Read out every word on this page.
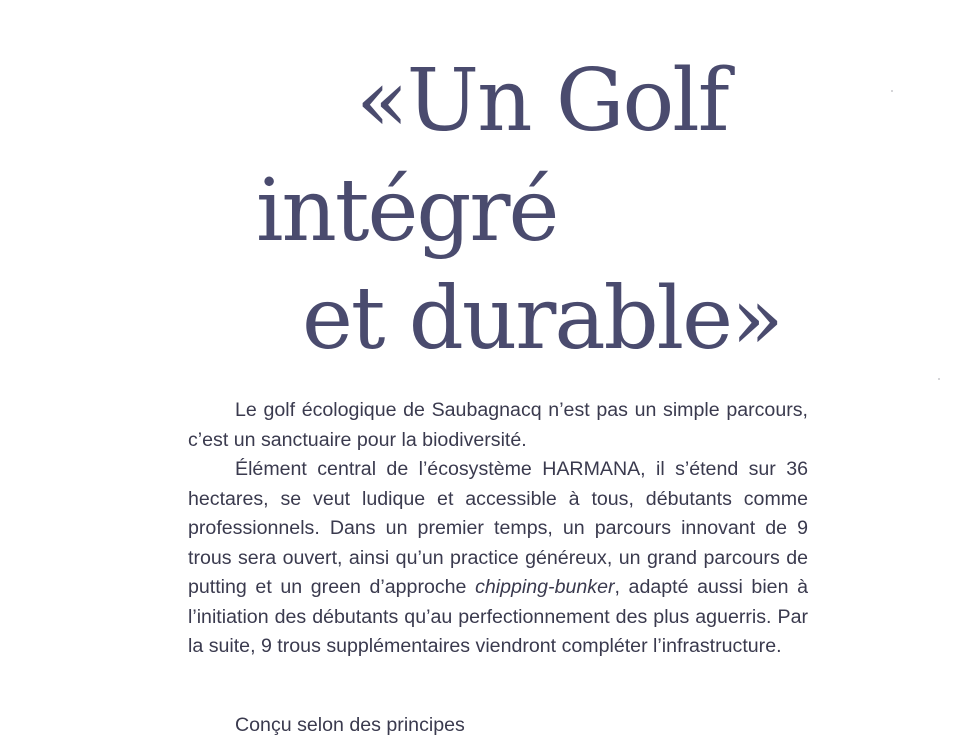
«Un Golf
intégré
et durable»

Le golf écologique de Saubagnacq n’est pas un simple parcours, c’est un sanctuaire pour la biodiversité.

Élément central de l’écosystème HARMANA, il s’étend sur 36 hectares, se veut ludique et accessible à tous, débutants comme professionnels. Dans un premier temps, un parcours innovant de 9 trous sera ouvert, ainsi qu’un practice généreux, un grand parcours de putting et un green d’approche chipping-bunker, adapté aussi bien à l’initiation des débutants qu’au perfectionnement des plus aguerris. Par la suite, 9 trous supplémentaires viendront compléter l’infrastructure.

Conçu selon des principes
